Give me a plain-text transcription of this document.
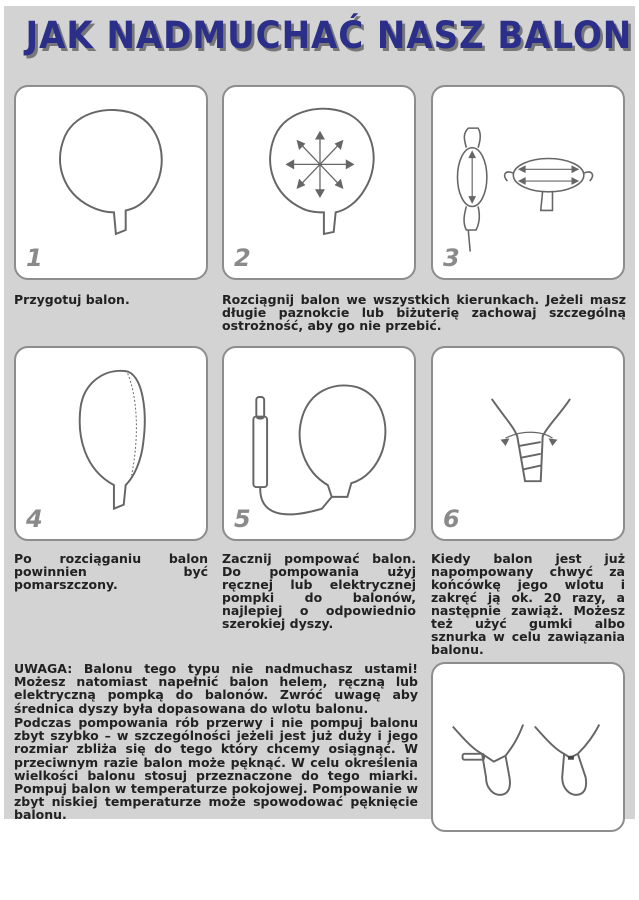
JAK NADMUCHAĆ NASZ BALON
1	2	3
Przygotuj balon.	Rozciągnij balon we wszystkich kierunkach. Jeżeli masz długie paznokcie lub biżuterię zachowaj szczególną ostrożność, aby go nie przebić.
4	5	6
Po rozciąganiu balon powinnien być pomarszczony.
Zacznij pompować balon. Do pompowania użyj ręcznej lub elektrycznej pompki do balonów, najlepiej o odpowiednio szerokiej dyszy.
Kiedy balon jest już napompowany chwyć za końcówkę jego wlotu i zakręć ją ok. 20 razy, a następnie zawiąż. Możesz też użyć gumki albo sznurka w celu zawiązania balonu.
UWAGA: Balonu tego typu nie nadmuchasz ustami! Możesz natomiast napełnić balon helem, ręczną lub elektryczną pompką do balonów. Zwróć uwagę aby średnica dyszy była dopasowana do wlotu balonu.
Podczas pompowania rób przerwy i nie pompuj balonu zbyt szybko – w szczególności jeżeli jest już duży i jego rozmiar zbliża się do tego który chcemy osiągnąć. W przeciwnym razie balon może pęknąć. W celu określenia wielkości balonu stosuj przeznaczone do tego miarki. Pompuj balon w temperaturze pokojowej. Pompowanie w zbyt niskiej temperaturze może spowodować pęknięcie balonu.
